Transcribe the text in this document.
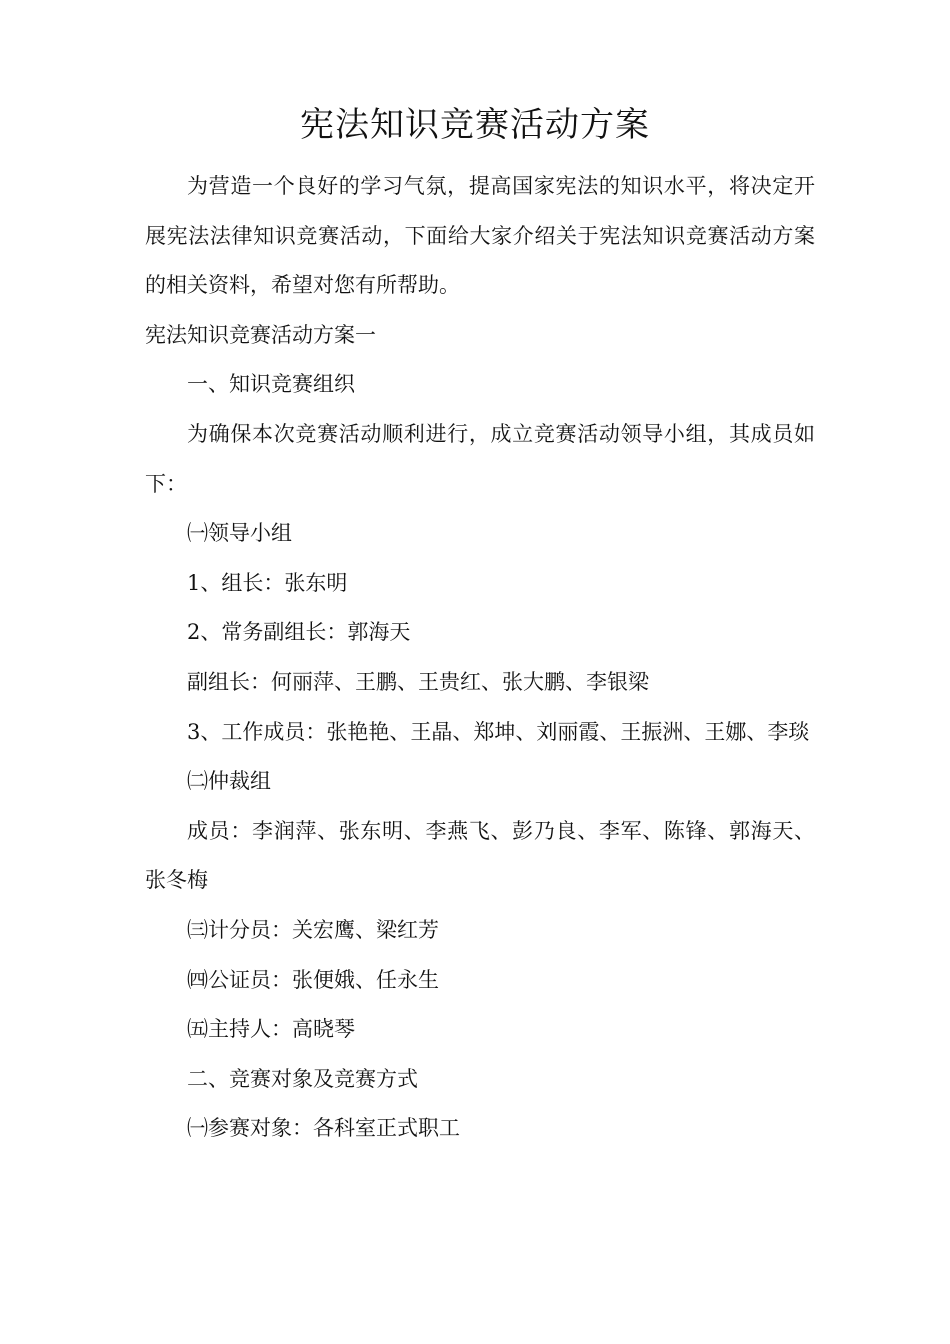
宪法知识竞赛活动方案

为营造一个良好的学习气氛，提高国家宪法的知识水平，将决定开展宪法法律知识竞赛活动，下面给大家介绍关于宪法知识竞赛活动方案的相关资料，希望对您有所帮助。

宪法知识竞赛活动方案一

一、知识竞赛组织

为确保本次竞赛活动顺利进行，成立竞赛活动领导小组，其成员如下：

㈠领导小组

1、组长：张东明

2、常务副组长：郭海天

副组长：何丽萍、王鹏、王贵红、张大鹏、李银梁

3、工作成员：张艳艳、王晶、郑坤、刘丽霞、王振洲、王娜、李琰

㈡仲裁组

成员：李润萍、张东明、李燕飞、彭乃良、李军、陈锋、郭海天、张冬梅

㈢计分员：关宏鹰、梁红芳

㈣公证员：张便娥、任永生

㈤主持人：高晓琴

二、竞赛对象及竞赛方式

㈠参赛对象：各科室正式职工
